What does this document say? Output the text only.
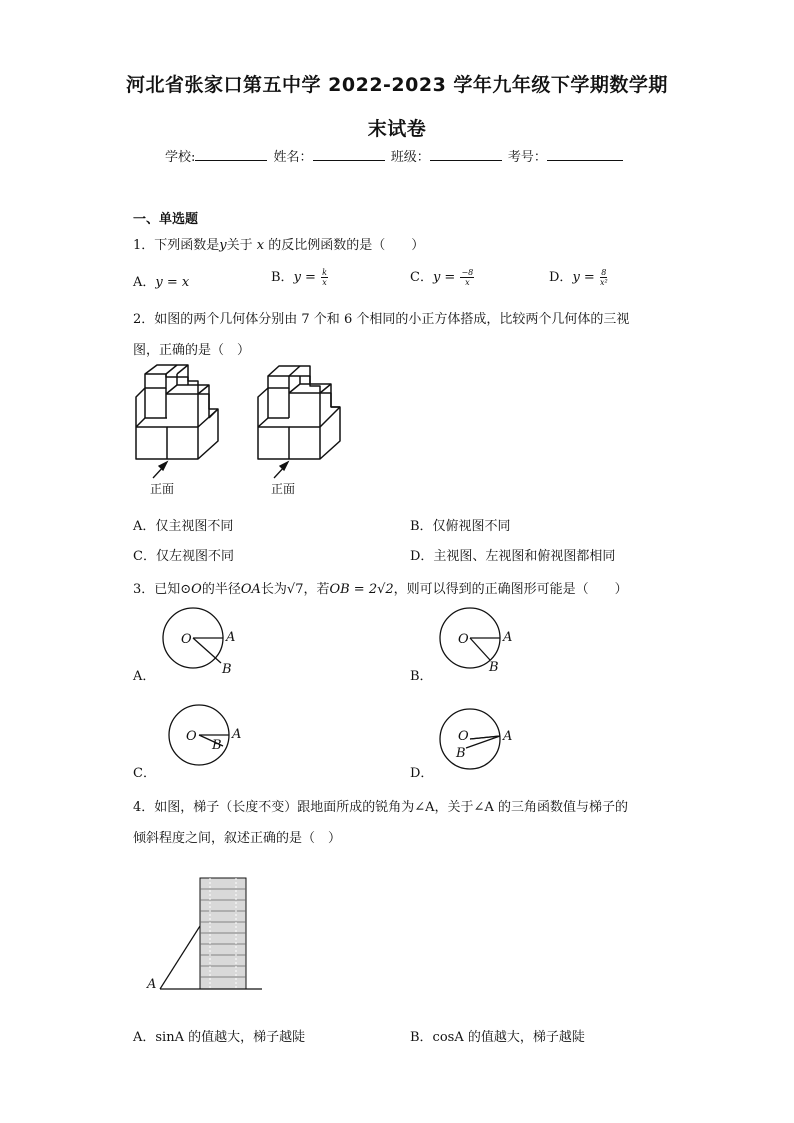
河北省张家口第五中学 2022-2023 学年九年级下学期数学期
末试卷
学校:	姓名：	班级：	考号：
一、单选题
1．下列函数是y关于 x 的反比例函数的是（　　）
A．y = x	B．$y = \frac{k}{x}$	C．$y = \frac{-8}{x}$	D．$y = \frac{8}{\text{x²}}$
2．如图的两个几何体分别由 7 个和 6 个相同的小正方体搭成，比较两个几何体的三视
图，正确的是（　）
正面	正面
A．仅主视图不同	B．仅俯视图不同
C．仅左视图不同	D．主视图、左视图和俯视图都相同
3．已知⊙O的半径OA长为√7，若OB = 2√2，则可以得到的正确图形可能是（　　）
O	A
B
O	A
B
O	A
B
O	A
B
A．	B．
C．	D．
4．如图，梯子（长度不变）跟地面所成的锐角为∠A，关于∠A 的三角函数值与梯子的
倾斜程度之间，叙述正确的是（　）
A
A．sinA 的值越大，梯子越陡	B．cosA 的值越大，梯子越陡
